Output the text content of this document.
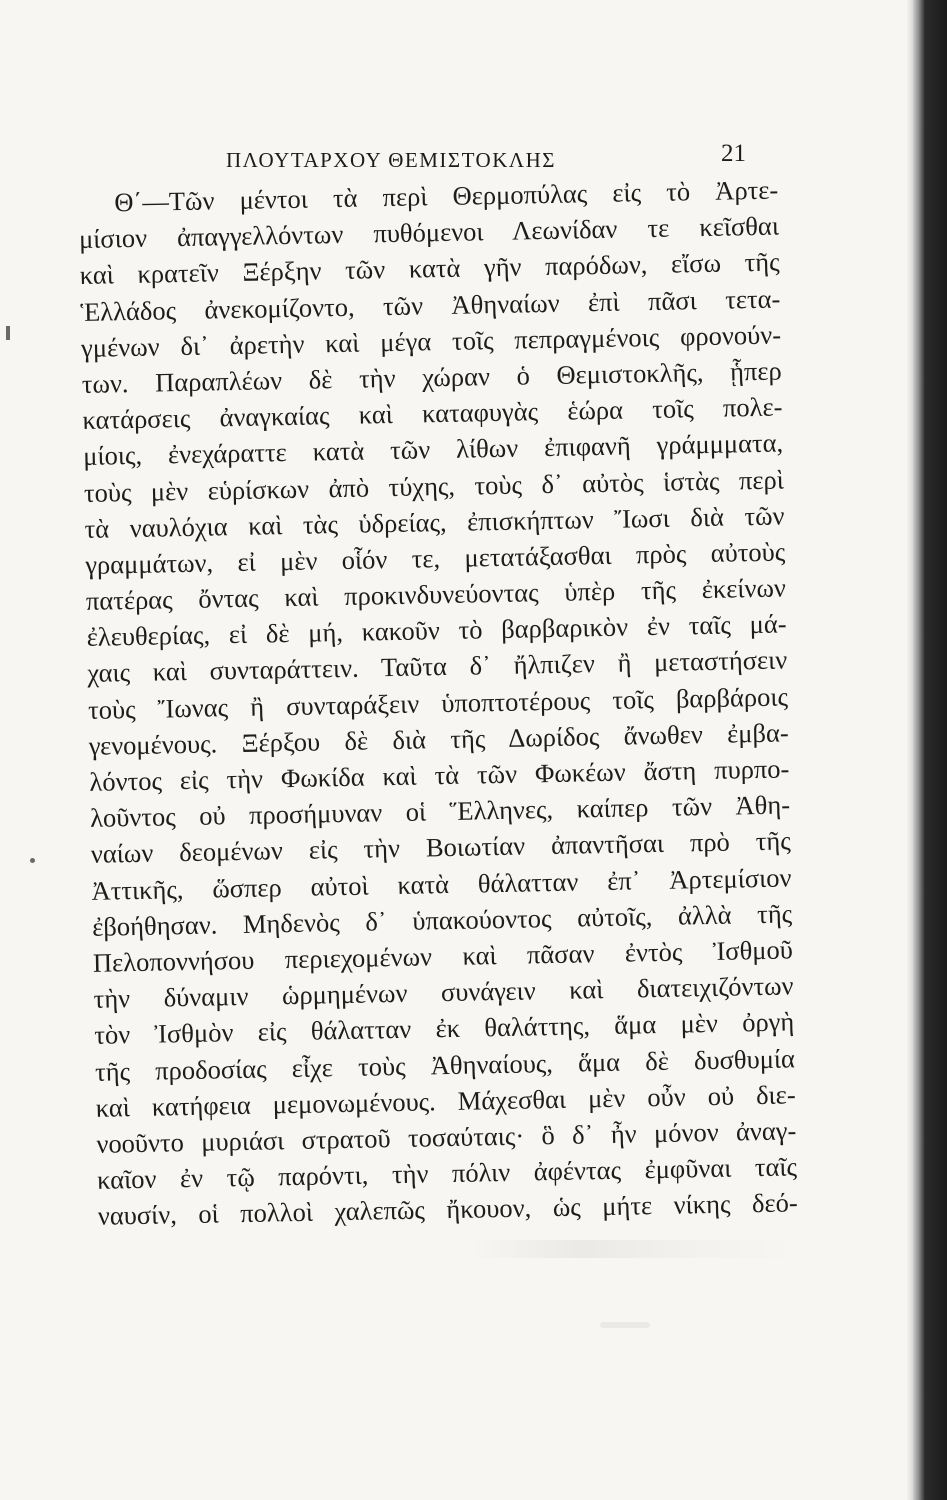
ΠΛΟΥΤΑΡΧΟΥ ΘΕΜΙΣΤΟΚΛΗΣ	21
Θ΄—Τῶν μέντοι τὰ περὶ Θερμοπύλας εἰς τὸ Ἀρτε-
μίσιον ἀπαγγελλόντων πυθόμενοι Λεωνίδαν τε κεῖσθαι
καὶ κρατεῖν Ξέρξην τῶν κατὰ γῆν παρόδων, εἴσω τῆς
Ἑλλάδος ἀνεκομίζοντο, τῶν Ἀθηναίων ἐπὶ πᾶσι τετα-
γμένων δι᾽ ἀρετὴν καὶ μέγα τοῖς πεπραγμένοις φρονούν-
των. Παραπλέων δὲ τὴν χώραν ὁ Θεμιστοκλῆς, ᾗπερ
κατάρσεις ἀναγκαίας καὶ καταφυγὰς ἑώρα τοῖς πολε-
μίοις, ἐνεχάραττε κατὰ τῶν λίθων ἐπιφανῆ γράμμματα,
τοὺς μὲν εὑρίσκων ἀπὸ τύχης, τοὺς δ᾽ αὐτὸς ἱστὰς περὶ
τὰ ναυλόχια καὶ τὰς ὑδρείας, ἐπισκήπτων Ἴωσι διὰ τῶν
γραμμάτων, εἰ μὲν οἷόν τε, μετατάξασθαι πρὸς αὐτοὺς
πατέρας ὄντας καὶ προκινδυνεύοντας ὑπὲρ τῆς ἐκείνων
ἐλευθερίας, εἰ δὲ μή, κακοῦν τὸ βαρβαρικὸν ἐν ταῖς μά-
χαις καὶ συνταράττειν. Ταῦτα δ᾽ ἤλπιζεν ἢ μεταστήσειν
τοὺς Ἴωνας ἢ συνταράξειν ὑποπτοτέρους τοῖς βαρβάροις
γενομένους. Ξέρξου δὲ διὰ τῆς Δωρίδος ἄνωθεν ἐμβα-
λόντος εἰς τὴν Φωκίδα καὶ τὰ τῶν Φωκέων ἄστη πυρπο-
λοῦντος οὐ προσήμυναν οἱ Ἕλληνες, καίπερ τῶν Ἀθη-
ναίων δεομένων εἰς τὴν Βοιωτίαν ἀπαντῆσαι πρὸ τῆς
Ἀττικῆς, ὥσπερ αὐτοὶ κατὰ θάλατταν ἐπ᾽ Ἀρτεμίσιον
ἐβοήθησαν. Μηδενὸς δ᾽ ὑπακούοντος αὐτοῖς, ἀλλὰ τῆς
Πελοποννήσου περιεχομένων καὶ πᾶσαν ἐντὸς Ἰσθμοῦ
τὴν δύναμιν ὡρμημένων συνάγειν καὶ διατειχιζόντων
τὸν Ἰσθμὸν εἰς θάλατταν ἐκ θαλάττης, ἅμα μὲν ὀργὴ
τῆς προδοσίας εἶχε τοὺς Ἀθηναίους, ἅμα δὲ δυσθυμία
καὶ κατήφεια μεμονωμένους. Μάχεσθαι μὲν οὖν οὐ διε-
νοοῦντο μυριάσι στρατοῦ τοσαύταις· ὃ δ᾽ ἦν μόνον ἀναγ-
καῖον ἐν τῷ παρόντι, τὴν πόλιν ἀφέντας ἐμφῦναι ταῖς
ναυσίν, οἱ πολλοὶ χαλεπῶς ἤκουον, ὡς μήτε νίκης δεό-
